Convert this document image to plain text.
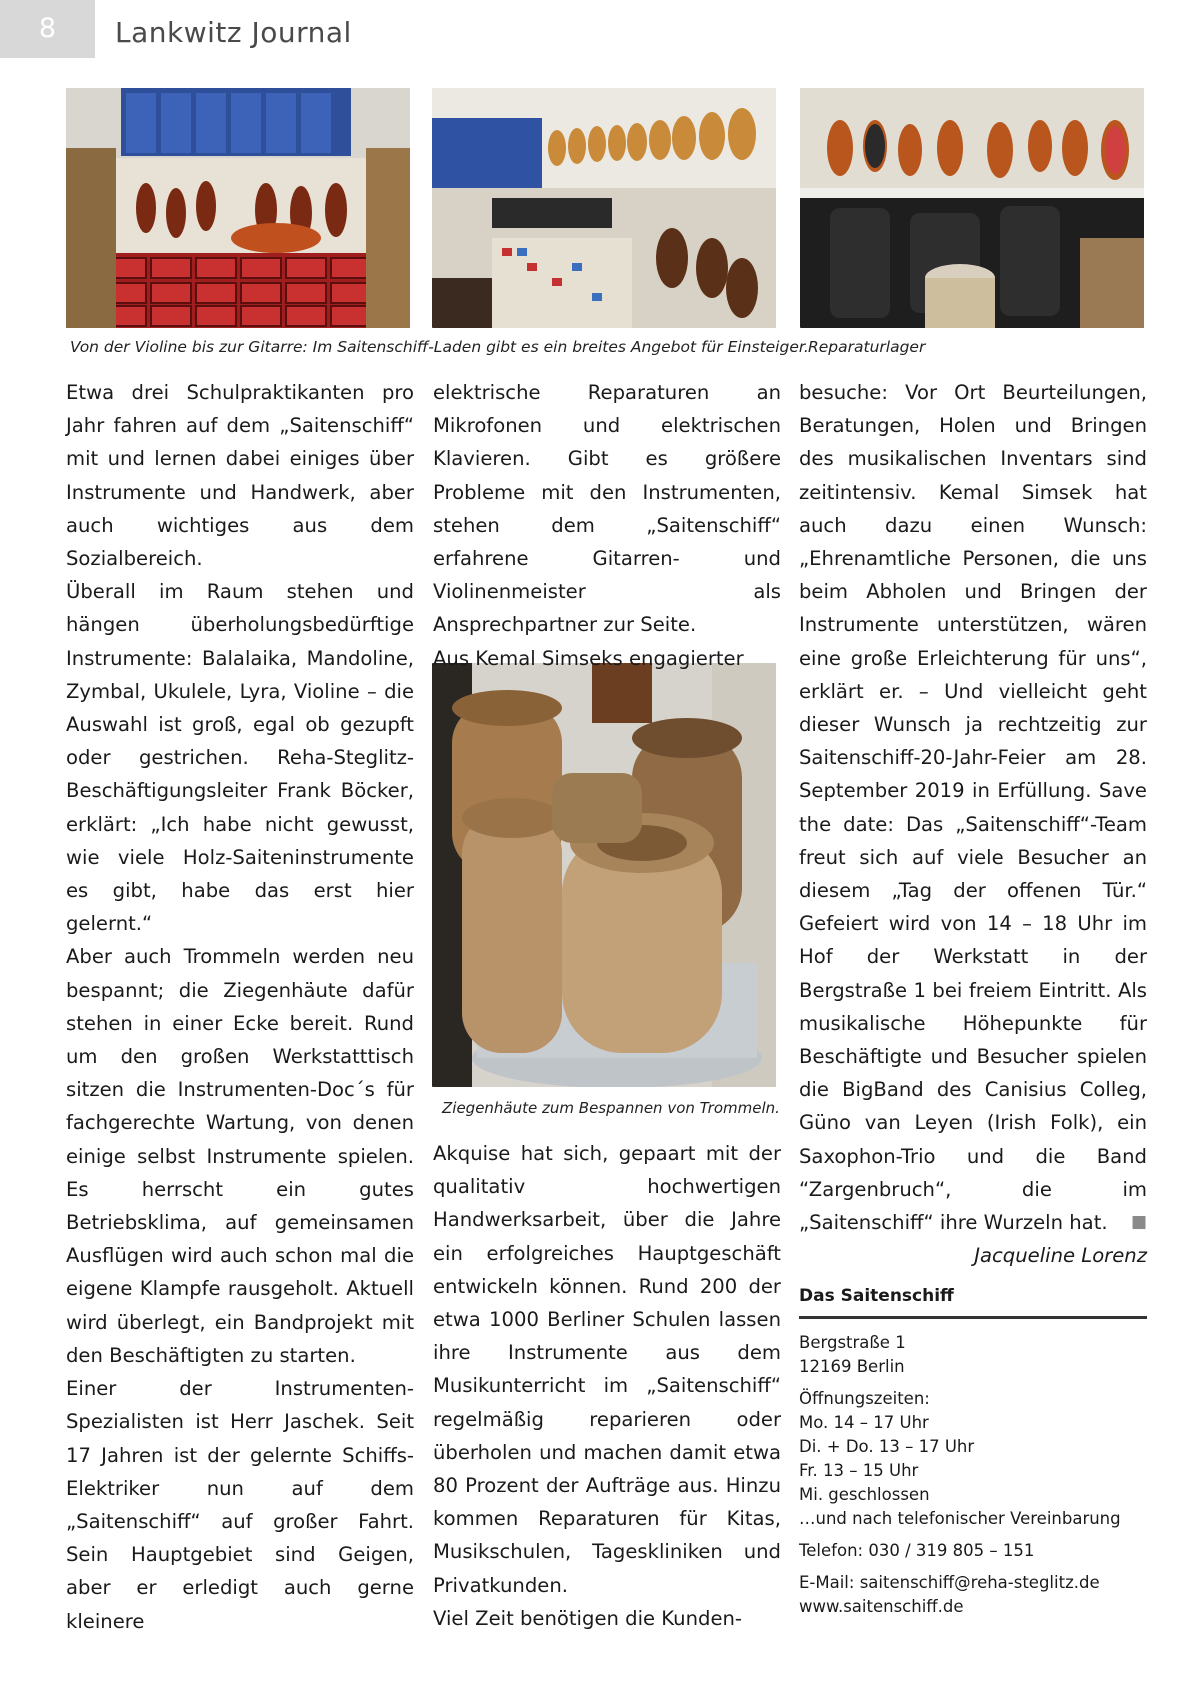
8	Lankwitz Journal
Von der Violine bis zur Gitarre: Im Saitenschiff-Laden gibt es ein breites Angebot für Einsteiger. Reparaturlager
Ziegenhäute zum Bespannen von Trommeln.

Etwa drei Schulpraktikanten pro Jahr fahren auf dem „Saitenschiff“ mit und lernen dabei einiges über Instrumente und Handwerk, aber auch wichtiges aus dem Sozialbereich.

Überall im Raum stehen und hängen überholungsbedürftige Instrumente: Balalaika, Mandoline, Zymbal, Ukulele, Lyra, Violine – die Auswahl ist groß, egal ob gezupft oder gestrichen. Reha-Steglitz-Beschäftigungsleiter Frank Böcker, erklärt: „Ich habe nicht gewusst, wie viele Holz-Saiteninstrumente es gibt, habe das erst hier gelernt.“

Aber auch Trommeln werden neu bespannt; die Ziegenhäute dafür stehen in einer Ecke bereit. Rund um den großen Werkstatttisch sitzen die Instrumenten-Doc´s für fachgerechte Wartung, von denen einige selbst Instrumente spielen. Es herrscht ein gutes Betriebsklima, auf gemeinsamen Ausflügen wird auch schon mal die eigene Klampfe rausgeholt. Aktuell wird überlegt, ein Bandprojekt mit den Beschäftigten zu starten.

Einer der Instrumenten-Spezialisten ist Herr Jaschek. Seit 17 Jahren ist der gelernte Schiffs-Elektriker nun auf dem „Saitenschiff“ auf großer Fahrt. Sein Hauptgebiet sind Geigen, aber er erledigt auch gerne kleinere

elektrische Reparaturen an Mikrofonen und elektrischen Klavieren. Gibt es größere Probleme mit den Instrumenten, stehen dem „Saitenschiff“ erfahrene Gitarren- und Violinenmeister als Ansprechpartner zur Seite.

Aus Kemal Simseks engagierter

Akquise hat sich, gepaart mit der qualitativ hochwertigen Handwerksarbeit, über die Jahre ein erfolgreiches Hauptgeschäft entwickeln können. Rund 200 der etwa 1000 Berliner Schulen lassen ihre Instrumente aus dem Musikunterricht im „Saitenschiff“ regelmäßig reparieren oder überholen und machen damit etwa 80 Prozent der Aufträge aus. Hinzu kommen Reparaturen für Kitas, Musikschulen, Tageskliniken und Privatkunden.

Viel Zeit benötigen die Kunden-

besuche: Vor Ort Beurteilungen, Beratungen, Holen und Bringen des musikalischen Inventars sind zeitintensiv. Kemal Simsek hat auch dazu einen Wunsch: „Ehrenamtliche Personen, die uns beim Abholen und Bringen der Instrumente unterstützen, wären eine große Erleichterung für uns“, erklärt er. – Und vielleicht geht dieser Wunsch ja rechtzeitig zur Saitenschiff-20-Jahr-Feier am 28. September 2019 in Erfüllung. Save the date: Das „Saitenschiff“-Team freut sich auf viele Besucher an diesem „Tag der offenen Tür.“ Gefeiert wird von 14 – 18 Uhr im Hof der Werkstatt in der Bergstraße 1 bei freiem Eintritt. Als musikalische Höhepunkte für Beschäftigte und Besucher spielen die BigBand des Canisius Colleg, Güno van Leyen (Irish Folk), ein Saxophon-Trio und die Band “Zargenbruch“, die im „Saitenschiff“ ihre Wurzeln hat. ■

Jacqueline Lorenz

Das Saitenschiff
Bergstraße 1
12169 Berlin
Öffnungszeiten:
Mo. 14 – 17 Uhr
Di. + Do. 13 – 17 Uhr
Fr. 13 – 15 Uhr
Mi. geschlossen
…und nach telefonischer Vereinbarung
Telefon: 030 / 319 805 – 151
E-Mail: saitenschiff@reha-steglitz.de
www.saitenschiff.de
